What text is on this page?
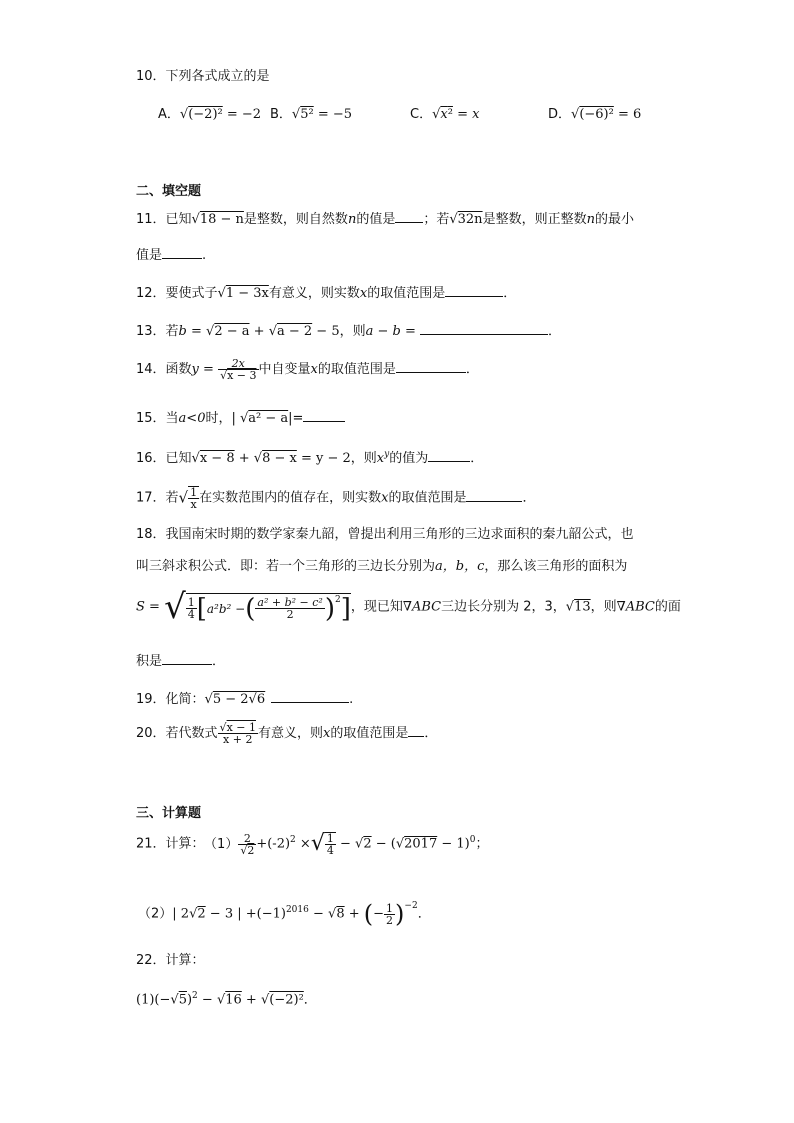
10．下列各式成立的是
A．√(−2)² = −2 B．√5² = −5	C．√x² = x	D．√(−6)² = 6
二、填空题
11．已知√18 − n是整数，则自然数n的值是 ；若√32n是整数，则正整数n的最小
值是	.
12．要使式子√1 − 3x有意义，则实数x的取值范围是	．
13．若b = √2 − a + √a − 2 − 5，则a − b =	．
14．函数$y = \frac{2x}{√x - 3}$ 中自变量x的取值范围是	．
15．当a<0时，| √a² − a|=
16．已知√x − 8 + √8 − x = y − 2，则$x^y$的值为	．
17．若√ $\frac{1}{x}$ 在实数范围内的值存在，则实数x的取值范围是	．
18．我国南宋时期的数学家秦九韶，曾提出利用三角形的三边求面积的秦九韶公式，也
叫三斜求积公式．即：若一个三角形的三边长分别为a，b，c，那么该三角形的面积为
S = √ $\frac{1}{4} [a^2b^2$ −( $\frac{\text{a² + b² − c²}}{2} )^2$]，现已知∇ABC三边长分别为 2，3，√13，则∇ABC的面
积是	．
19．化简：√5 − 2√6	.
20．若代数式 $\frac{√x - 1}{x + 2}$ 有意义，则x的取值范围是 ．
三、计算题
21．计算： $(1) \frac{2}{√2} +(-2)^2$ ×√ $\frac{1}{4} - √2 - (√2017 - 1)^0$；
（2）| 2√2 − 3 | $+(-1)^{2016} - √8$ + (− $\frac{1}{2} )^{-2}$．
22．计算：
$(1)(-√5)^2 - √16 + √(-2)^2$．
